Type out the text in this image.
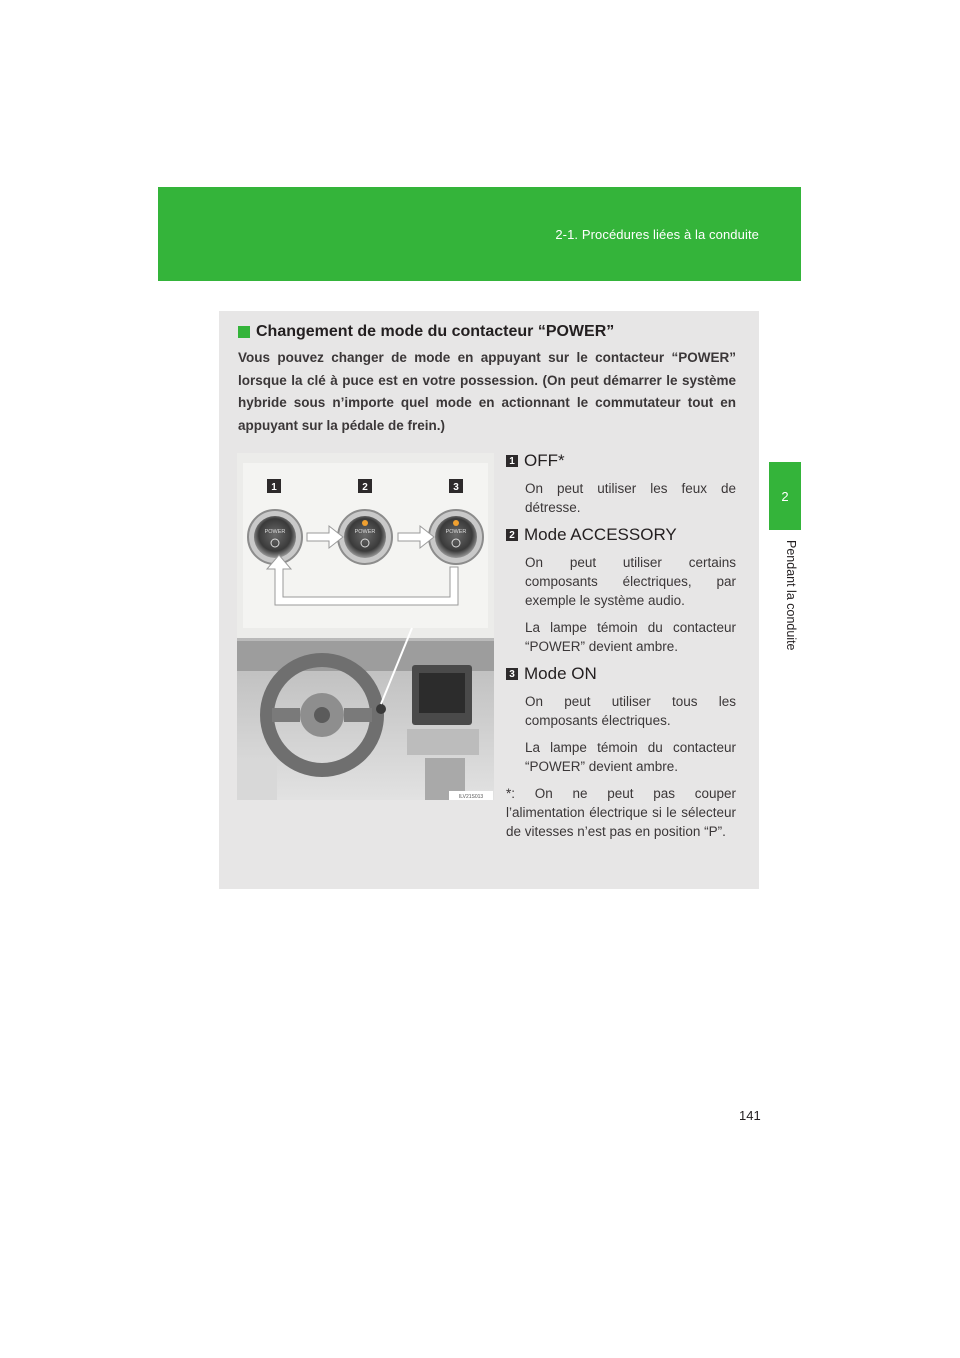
2-1. Procédures liées à la conduite
2
Pendant la conduite
Changement de mode du contacteur “POWER”
Vous pouvez changer de mode en appuyant sur le contacteur “POWER” lorsque la clé à puce est en votre possession. (On peut démarrer le système hybride sous n’importe quel mode en actionnant le commutateur tout en appuyant sur la pédale de frein.)
1	2	3
POWER	POWER	POWER
ILV21S013
1 OFF*
On peut utiliser les feux de détresse.
2 Mode ACCESSORY
On peut utiliser certains composants électriques, par exemple le système audio.
La lampe témoin du contacteur “POWER” devient ambre.
3 Mode ON
On peut utiliser tous les composants électriques.
La lampe témoin du contacteur “POWER” devient ambre.
*: On ne peut pas couper l’alimentation électrique si le sélecteur de vitesses n’est pas en position “P”.
141
